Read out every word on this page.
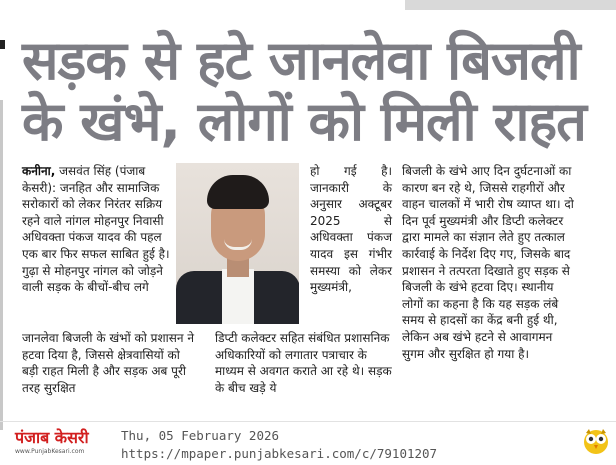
सड़क से हटे जानलेवा बिजली
के खंभे, लोगों को मिली राहत
कनीना, जसवंत सिंह (पंजाब केसरी): जनहित और सामाजिक सरोकारों को लेकर निरंतर सक्रिय रहने वाले नांगल मोहनपुर निवासी अधिवक्ता पंकज यादव की पहल एक बार फिर सफल साबित हुई है। गुढ़ा से मोहनपुर नांगल को जोड़ने वाली सड़क के बीचों-बीच लगे
हो गई है। जानकारी के अनुसार अक्टूबर 2025 से अधिवक्ता पंकज यादव इस गंभीर समस्या को लेकर मुख्यमंत्री,
जानलेवा बिजली के खंभों को प्रशासन ने हटवा दिया है, जिससे क्षेत्रवासियों को बड़ी राहत मिली है और सड़क अब पूरी तरह सुरक्षित
डिप्टी कलेक्टर सहित संबंधित प्रशासनिक अधिकारियों को लगातार पत्राचार के माध्यम से अवगत कराते आ रहे थे। सड़क के बीच खड़े ये
बिजली के खंभे आए दिन दुर्घटनाओं का कारण बन रहे थे, जिससे राहगीरों और वाहन चालकों में भारी रोष व्याप्त था। दो दिन पूर्व मुख्यमंत्री और डिप्टी कलेक्टर द्वारा मामले का संज्ञान लेते हुए तत्काल कार्रवाई के निर्देश दिए गए, जिसके बाद प्रशासन ने तत्परता दिखाते हुए सड़क से बिजली के खंभे हटवा दिए। स्थानीय लोगों का कहना है कि यह सड़क लंबे समय से हादसों का केंद्र बनी हुई थी, लेकिन अब खंभे हटने से आवागमन सुगम और सुरक्षित हो गया है।
पंजाब केसरी
www.PunjabKesari.com
Thu, 05 February 2026
https://mpaper.punjabkesari.com/c/79101207
